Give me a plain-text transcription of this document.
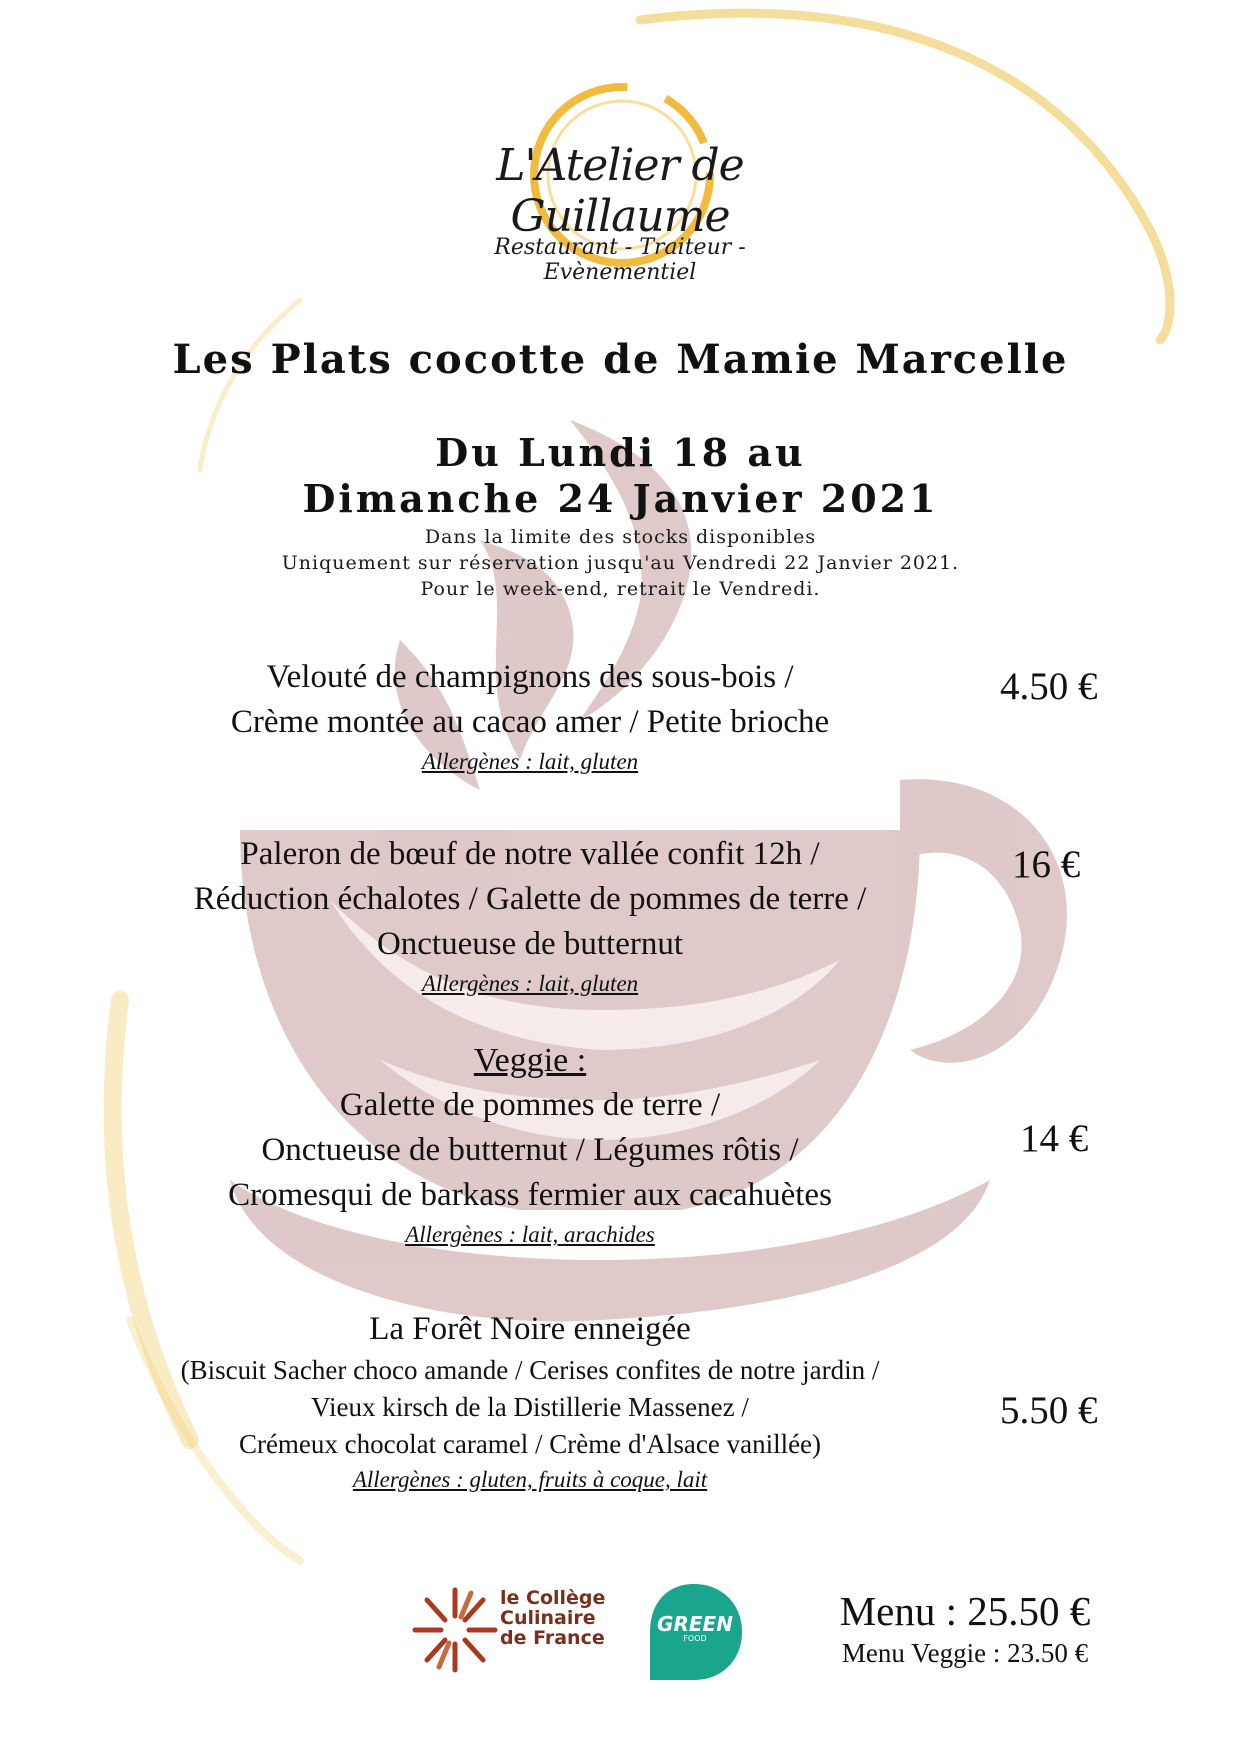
L'Atelier de Guillaume
Restaurant - Traiteur - Evènementiel
Les Plats cocotte de Mamie Marcelle
Du Lundi 18 au
Dimanche 24 Janvier 2021
Dans la limite des stocks disponibles
Uniquement sur réservation jusqu'au Vendredi 22 Janvier 2021.
Pour le week-end, retrait le Vendredi.
Velouté de champignons des sous-bois /
Crème montée au cacao amer / Petite brioche
Allergènes : lait, gluten
4.50 €
Paleron de bœuf de notre vallée confit 12h /
Réduction échalotes / Galette de pommes de terre /
Onctueuse de butternut
Allergènes : lait, gluten
16 €
Veggie :
Galette de pommes de terre /
Onctueuse de butternut / Légumes rôtis /
Cromesqui de barkass fermier aux cacahuètes
Allergènes : lait, arachides
14 €
La Forêt Noire enneigée
(Biscuit Sacher choco amande / Cerises confites de notre jardin /
Vieux kirsch de la Distillerie Massenez /
Crémeux chocolat caramel / Crème d'Alsace vanillée)
Allergènes : gluten, fruits à coque, lait
5.50 €
le Collège
Culinaire
de France
GREEN
FOOD
Menu : 25.50 €
Menu Veggie : 23.50 €
